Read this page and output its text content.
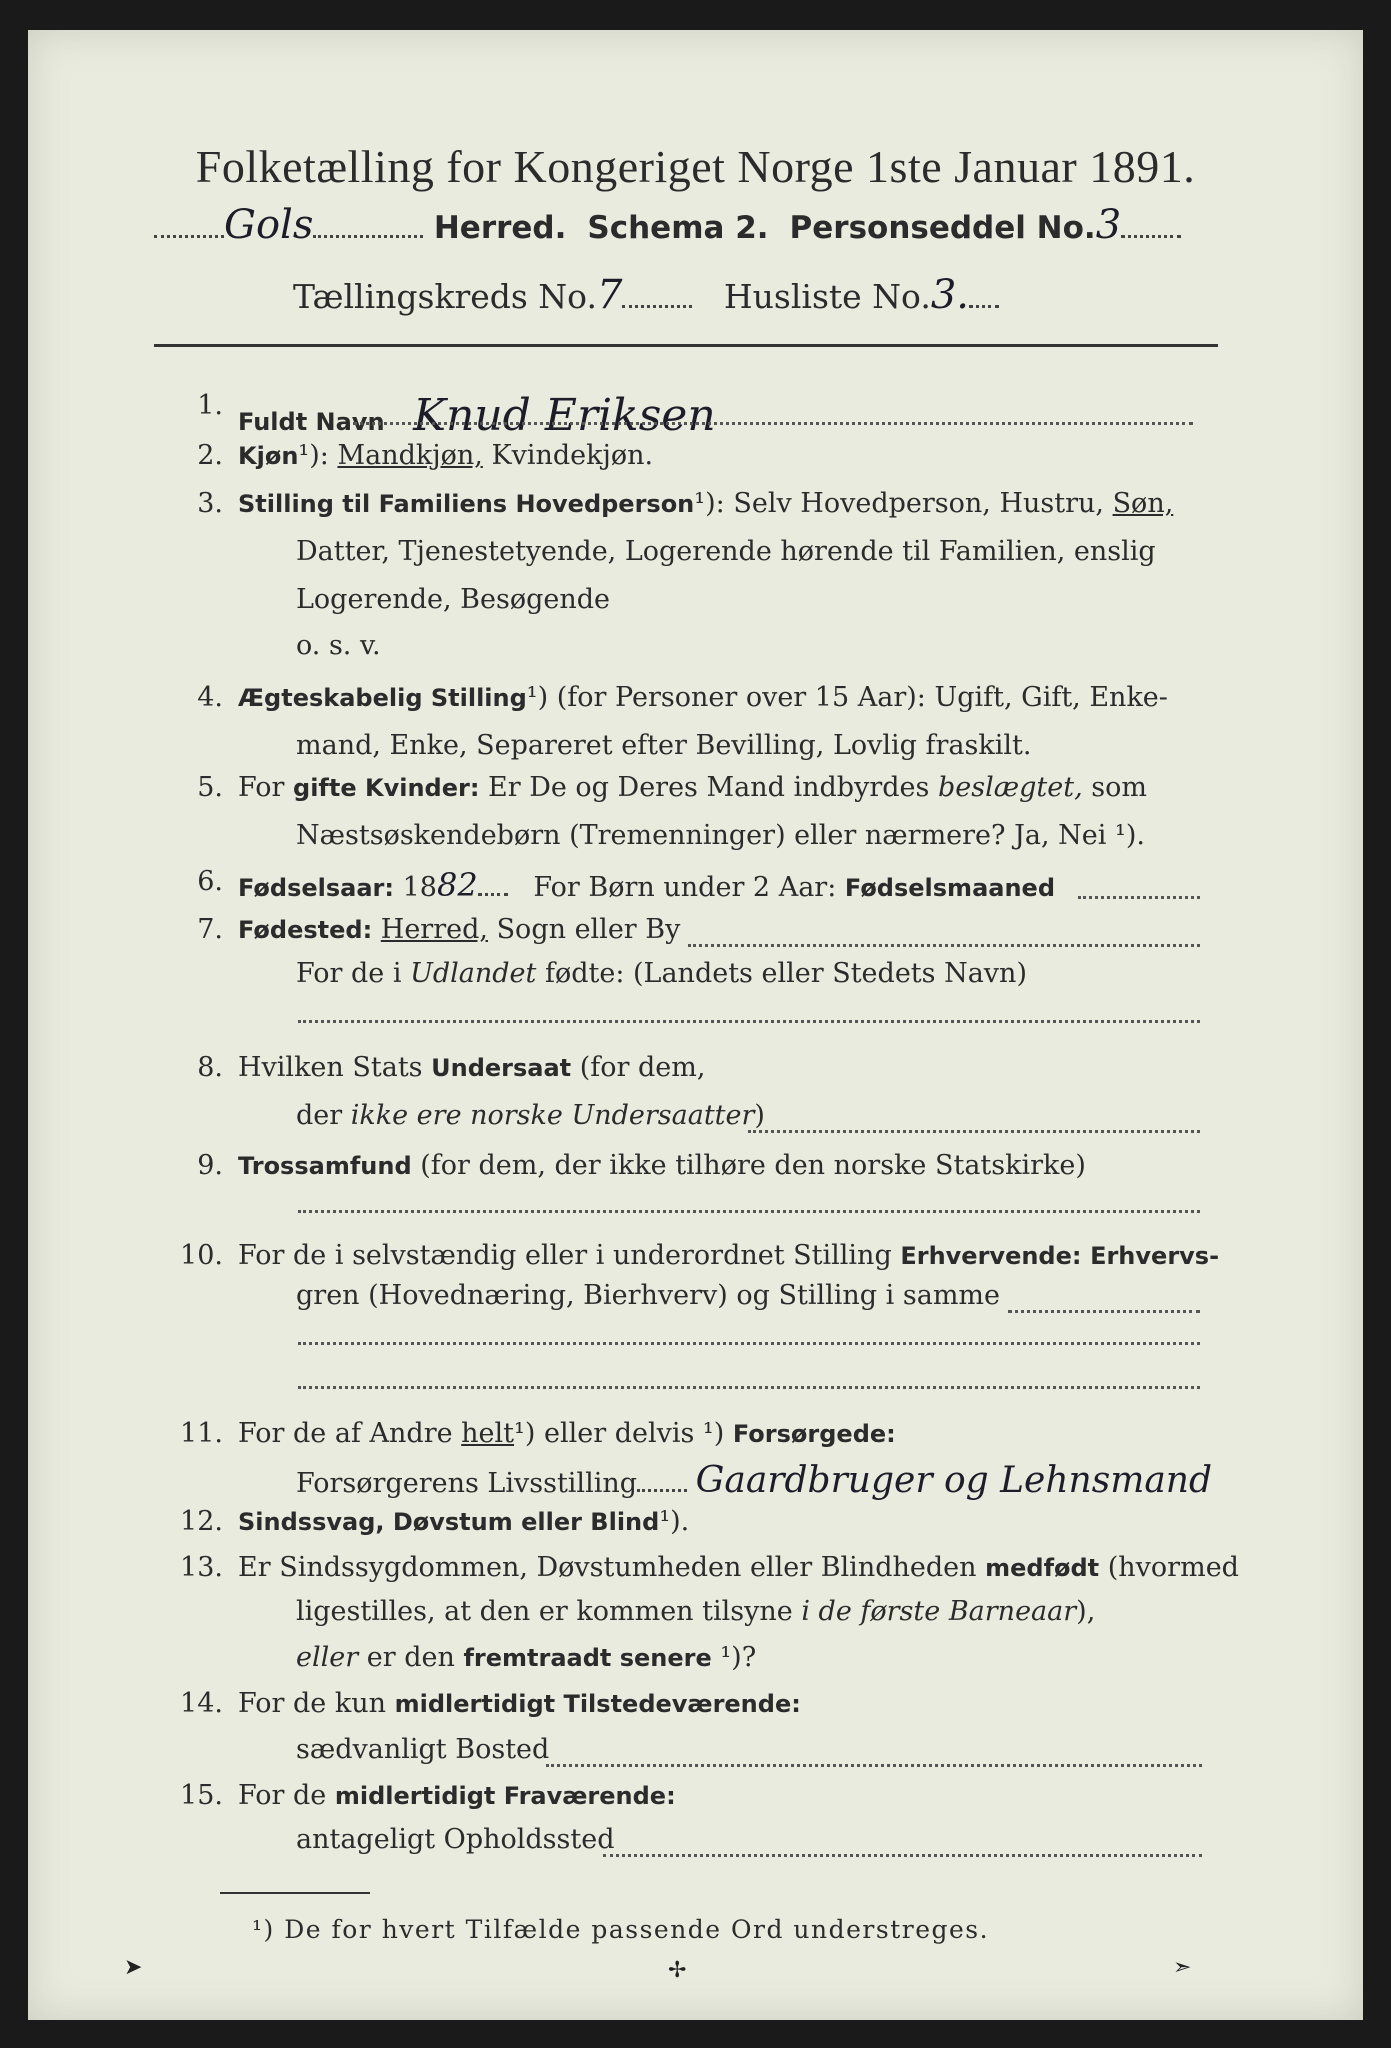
Folketælling for Kongeriget Norge 1ste Januar 1891.
Gols	Herred. Schema 2. Personseddel No.3
Tællingskreds No.7	Husliste No.3.
1.
Fuldt Navn Knud Eriksen
2. Kjøn¹): Mandkjøn, Kvindekjøn.
3. Stilling til Familiens Hovedperson¹): Selv Hovedperson, Hustru, Søn,
Datter, Tjenestetyende, Logerende hørende til Familien, enslig
Logerende, Besøgende
o. s. v.
4. Ægteskabelig Stilling¹) (for Personer over 15 Aar): Ugift, Gift, Enke-
mand, Enke, Separeret efter Bevilling, Lovlig fraskilt.
5. For gifte Kvinder: Er De og Deres Mand indbyrdes beslægtet, som
Næstsøskendebørn (Tremenninger) eller nærmere? Ja, Nei ¹).
6. Fødselsaar: 1882 For Børn under 2 Aar: Fødselsmaaned
7. Fødested: Herred, Sogn eller By
For de i Udlandet fødte: (Landets eller Stedets Navn)
8. Hvilken Stats Undersaat (for dem,
der ikke ere norske Undersaatter)
9. Trossamfund (for dem, der ikke tilhøre den norske Statskirke)
10. For de i selvstændig eller i underordnet Stilling Erhvervende: Erhvervs-
gren (Hovednæring, Bierhverv) og Stilling i samme
11. For de af Andre helt¹) eller delvis ¹) Forsørgede:
Forsørgerens Livsstilling Gaardbruger og Lehnsmand
12. Sindssvag, Døvstum eller Blind¹).
13. Er Sindssygdommen, Døvstumheden eller Blindheden medfødt (hvormed
ligestilles, at den er kommen tilsyne i de første Barneaar),
eller er den fremtraadt senere ¹)?
14. For de kun midlertidigt Tilstedeværende:
sædvanligt Bosted
15. For de midlertidigt Fraværende:
antageligt Opholdssted
¹) De for hvert Tilfælde passende Ord understreges.
➤	✢	➣
